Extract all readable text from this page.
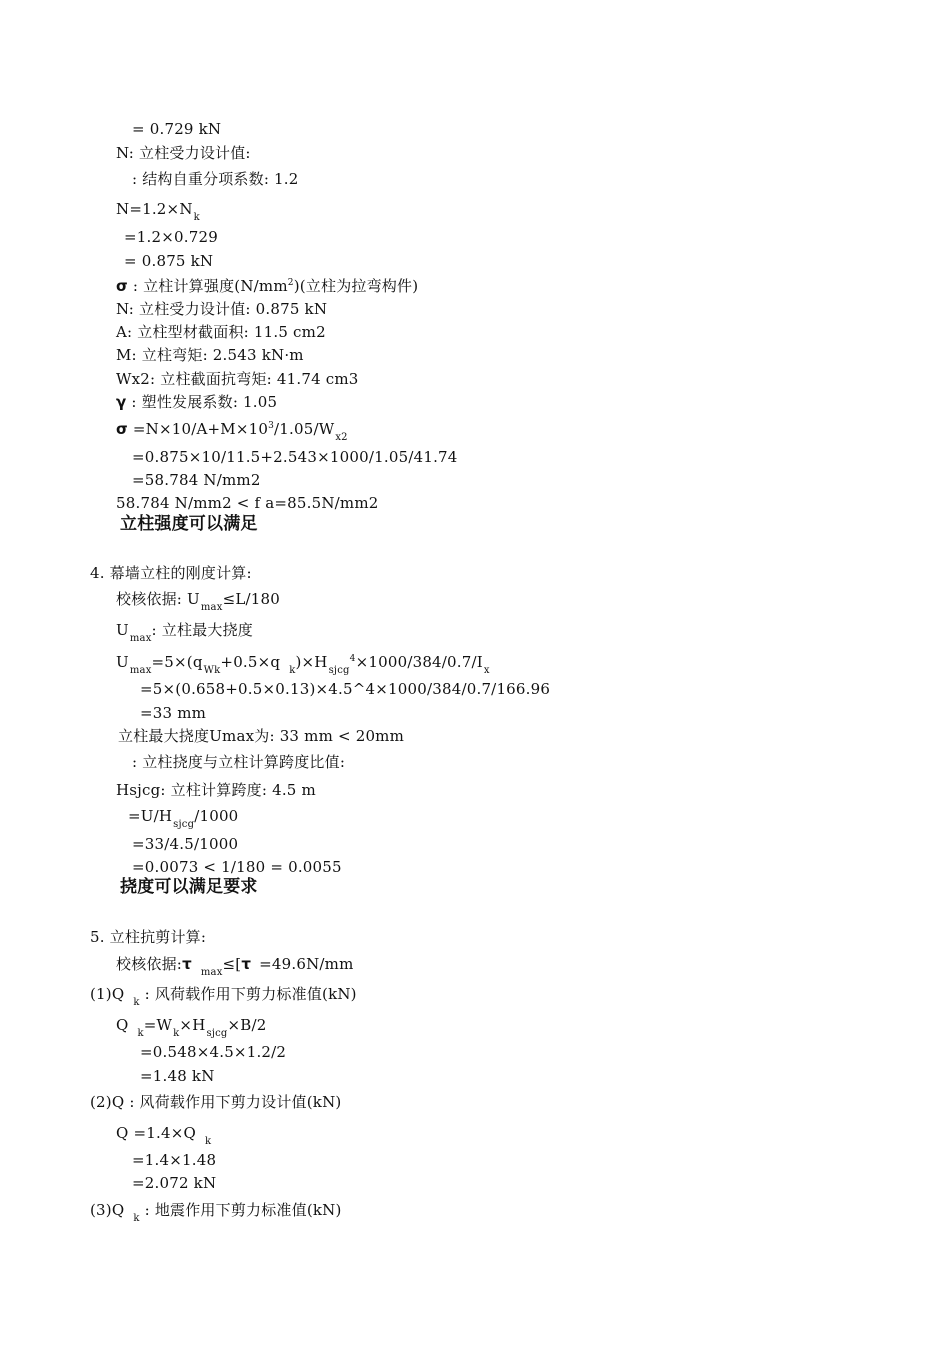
= 0.729 kN
N: 立柱受力设计值:
: 结构自重分项系数: 1.2
$N=1.2\times N_k$
=1.2×0.729
= 0.875 kN
σ : 立柱计算强度$(N/mm^2)$(立柱为拉弯构件)
N: 立柱受力设计值: 0.875 kN
A: 立柱型材截面积: 11.5 cm2
M: 立柱弯矩: 2.543 kN·m
Wx2: 立柱截面抗弯矩: 41.74 cm3
γ : 塑性发展系数: 1.05
$\sigma =N\times 10/A+M\times 10^3/1.05/W_{x2}$
=0.875×10/11.5+2.543×1000/1.05/41.74
=58.784 N/mm2
58.784 N/mm2 < f a=85.5N/mm2
立柱强度可以满足
4. 幕墙立柱的刚度计算:
校核依据: $U_{max}\le L/180$
$U_{max}$: 立柱最大挠度
$U_{max}=5\times(q_{Wk}+0.5\times q$ $_k)\times H_{sjcg}^4\times 1000/384/0.7/I_x$
=5×(0.658+0.5×0.13)×4.5^4×1000/384/0.7/166.96
=33 mm
立柱最大挠度Umax为: 33 mm < 20mm
: 立柱挠度与立柱计算跨度比值:
Hsjcg: 立柱计算跨度: 4.5 m
$=U/H_{sjcg}/1000$
=33/4.5/1000
=0.0073 < 1/180 = 0.0055
挠度可以满足要求
5. 立柱抗剪计算:
校核依据:τ $_{max}$≤[τ =49.6N/mm
(1)Q $_k$ : 风荷载作用下剪力标准值(kN)
Q $_k=W_k\times H_{sjcg}\times B/2$
=0.548×4.5×1.2/2
=1.48 kN
(2)Q : 风荷载作用下剪力设计值(kN)
Q =1.4×Q $_k$
=1.4×1.48
=2.072 kN
(3)Q $_k$ : 地震作用下剪力标准值(kN)
